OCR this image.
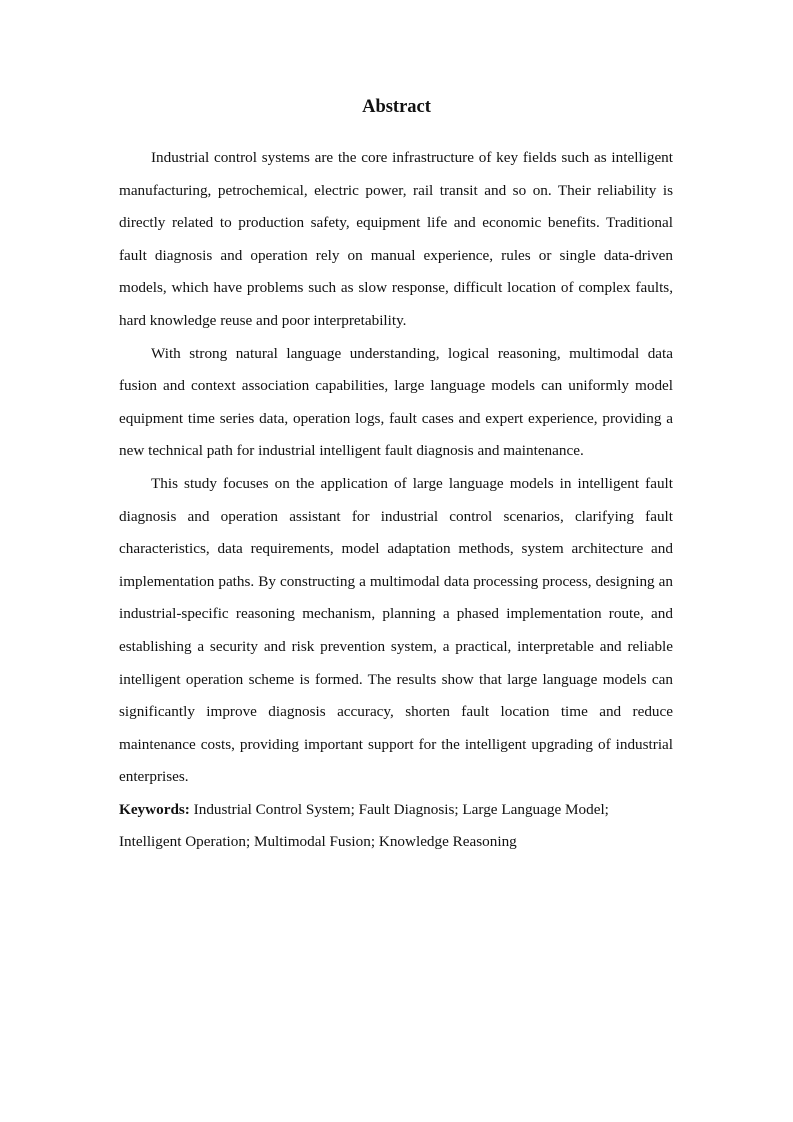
Abstract

Industrial control systems are the core infrastructure of key fields such as intelligent manufacturing, petrochemical, electric power, rail transit and so on. Their reliability is directly related to production safety, equipment life and economic benefits. Traditional fault diagnosis and operation rely on manual experience, rules or single data-driven models, which have problems such as slow response, difficult location of complex faults, hard knowledge reuse and poor interpretability.

With strong natural language understanding, logical reasoning, multimodal data fusion and context association capabilities, large language models can uniformly model equipment time series data, operation logs, fault cases and expert experience, providing a new technical path for industrial intelligent fault diagnosis and maintenance.

This study focuses on the application of large language models in intelligent fault diagnosis and operation assistant for industrial control scenarios, clarifying fault characteristics, data requirements, model adaptation methods, system architecture and implementation paths. By constructing a multimodal data processing process, designing an industrial-specific reasoning mechanism, planning a phased implementation route, and establishing a security and risk prevention system, a practical, interpretable and reliable intelligent operation scheme is formed. The results show that large language models can significantly improve diagnosis accuracy, shorten fault location time and reduce maintenance costs, providing important support for the intelligent upgrading of industrial enterprises.

Keywords: Industrial Control System; Fault Diagnosis; Large Language Model; Intelligent Operation; Multimodal Fusion; Knowledge Reasoning
